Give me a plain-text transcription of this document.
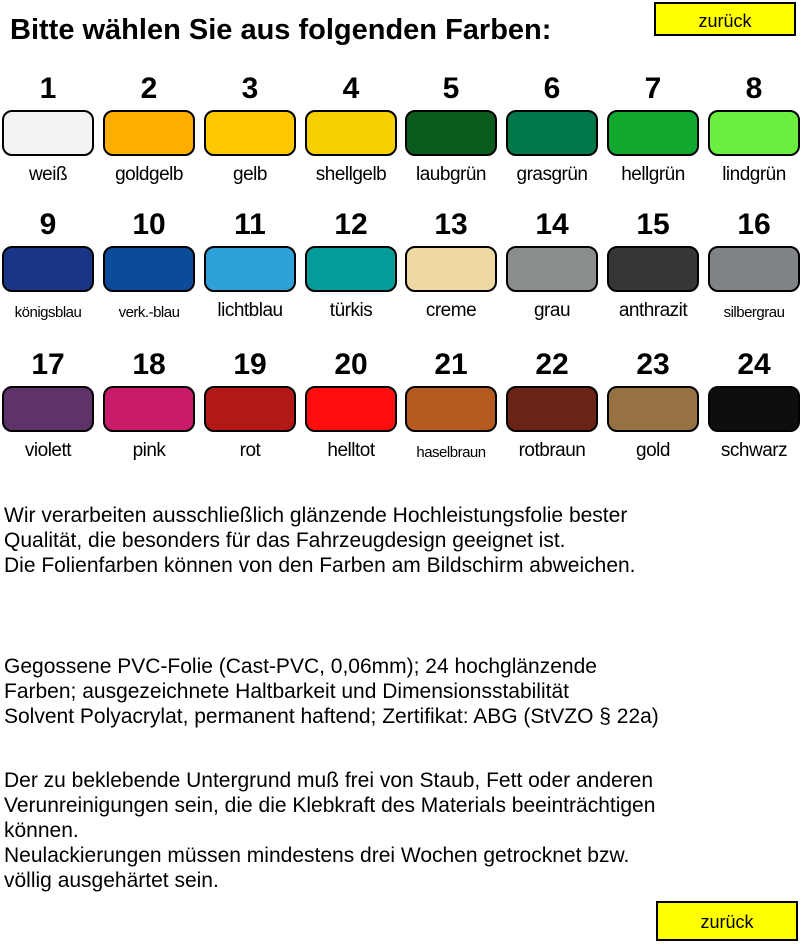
Bitte wählen Sie aus folgenden Farben:	zurück
1
weiß
2
goldgelb
3
gelb
4
shellgelb
5
laubgrün
6
grasgrün
7
hellgrün
8
lindgrün
9
königsblau
10
verk.-blau
11
lichtblau
12
türkis
13
creme
14
grau
15
anthrazit
16
silbergrau
17
violett
18
pink
19
rot
20
helltot
21
haselbraun
22
rotbraun
23
gold
24
schwarz
Wir verarbeiten ausschließlich glänzende Hochleistungsfolie bester
Qualität, die besonders für das Fahrzeugdesign geeignet ist.
Die Folienfarben können von den Farben am Bildschirm abweichen.
Gegossene PVC-Folie (Cast-PVC, 0,06mm); 24 hochglänzende
Farben; ausgezeichnete Haltbarkeit und Dimensionsstabilität
Solvent Polyacrylat, permanent haftend; Zertifikat: ABG (StVZO § 22a)
Der zu beklebende Untergrund muß frei von Staub, Fett oder anderen
Verunreinigungen sein, die die Klebkraft des Materials beeinträchtigen
können.
Neulackierungen müssen mindestens drei Wochen getrocknet bzw.
völlig ausgehärtet sein.
zurück
